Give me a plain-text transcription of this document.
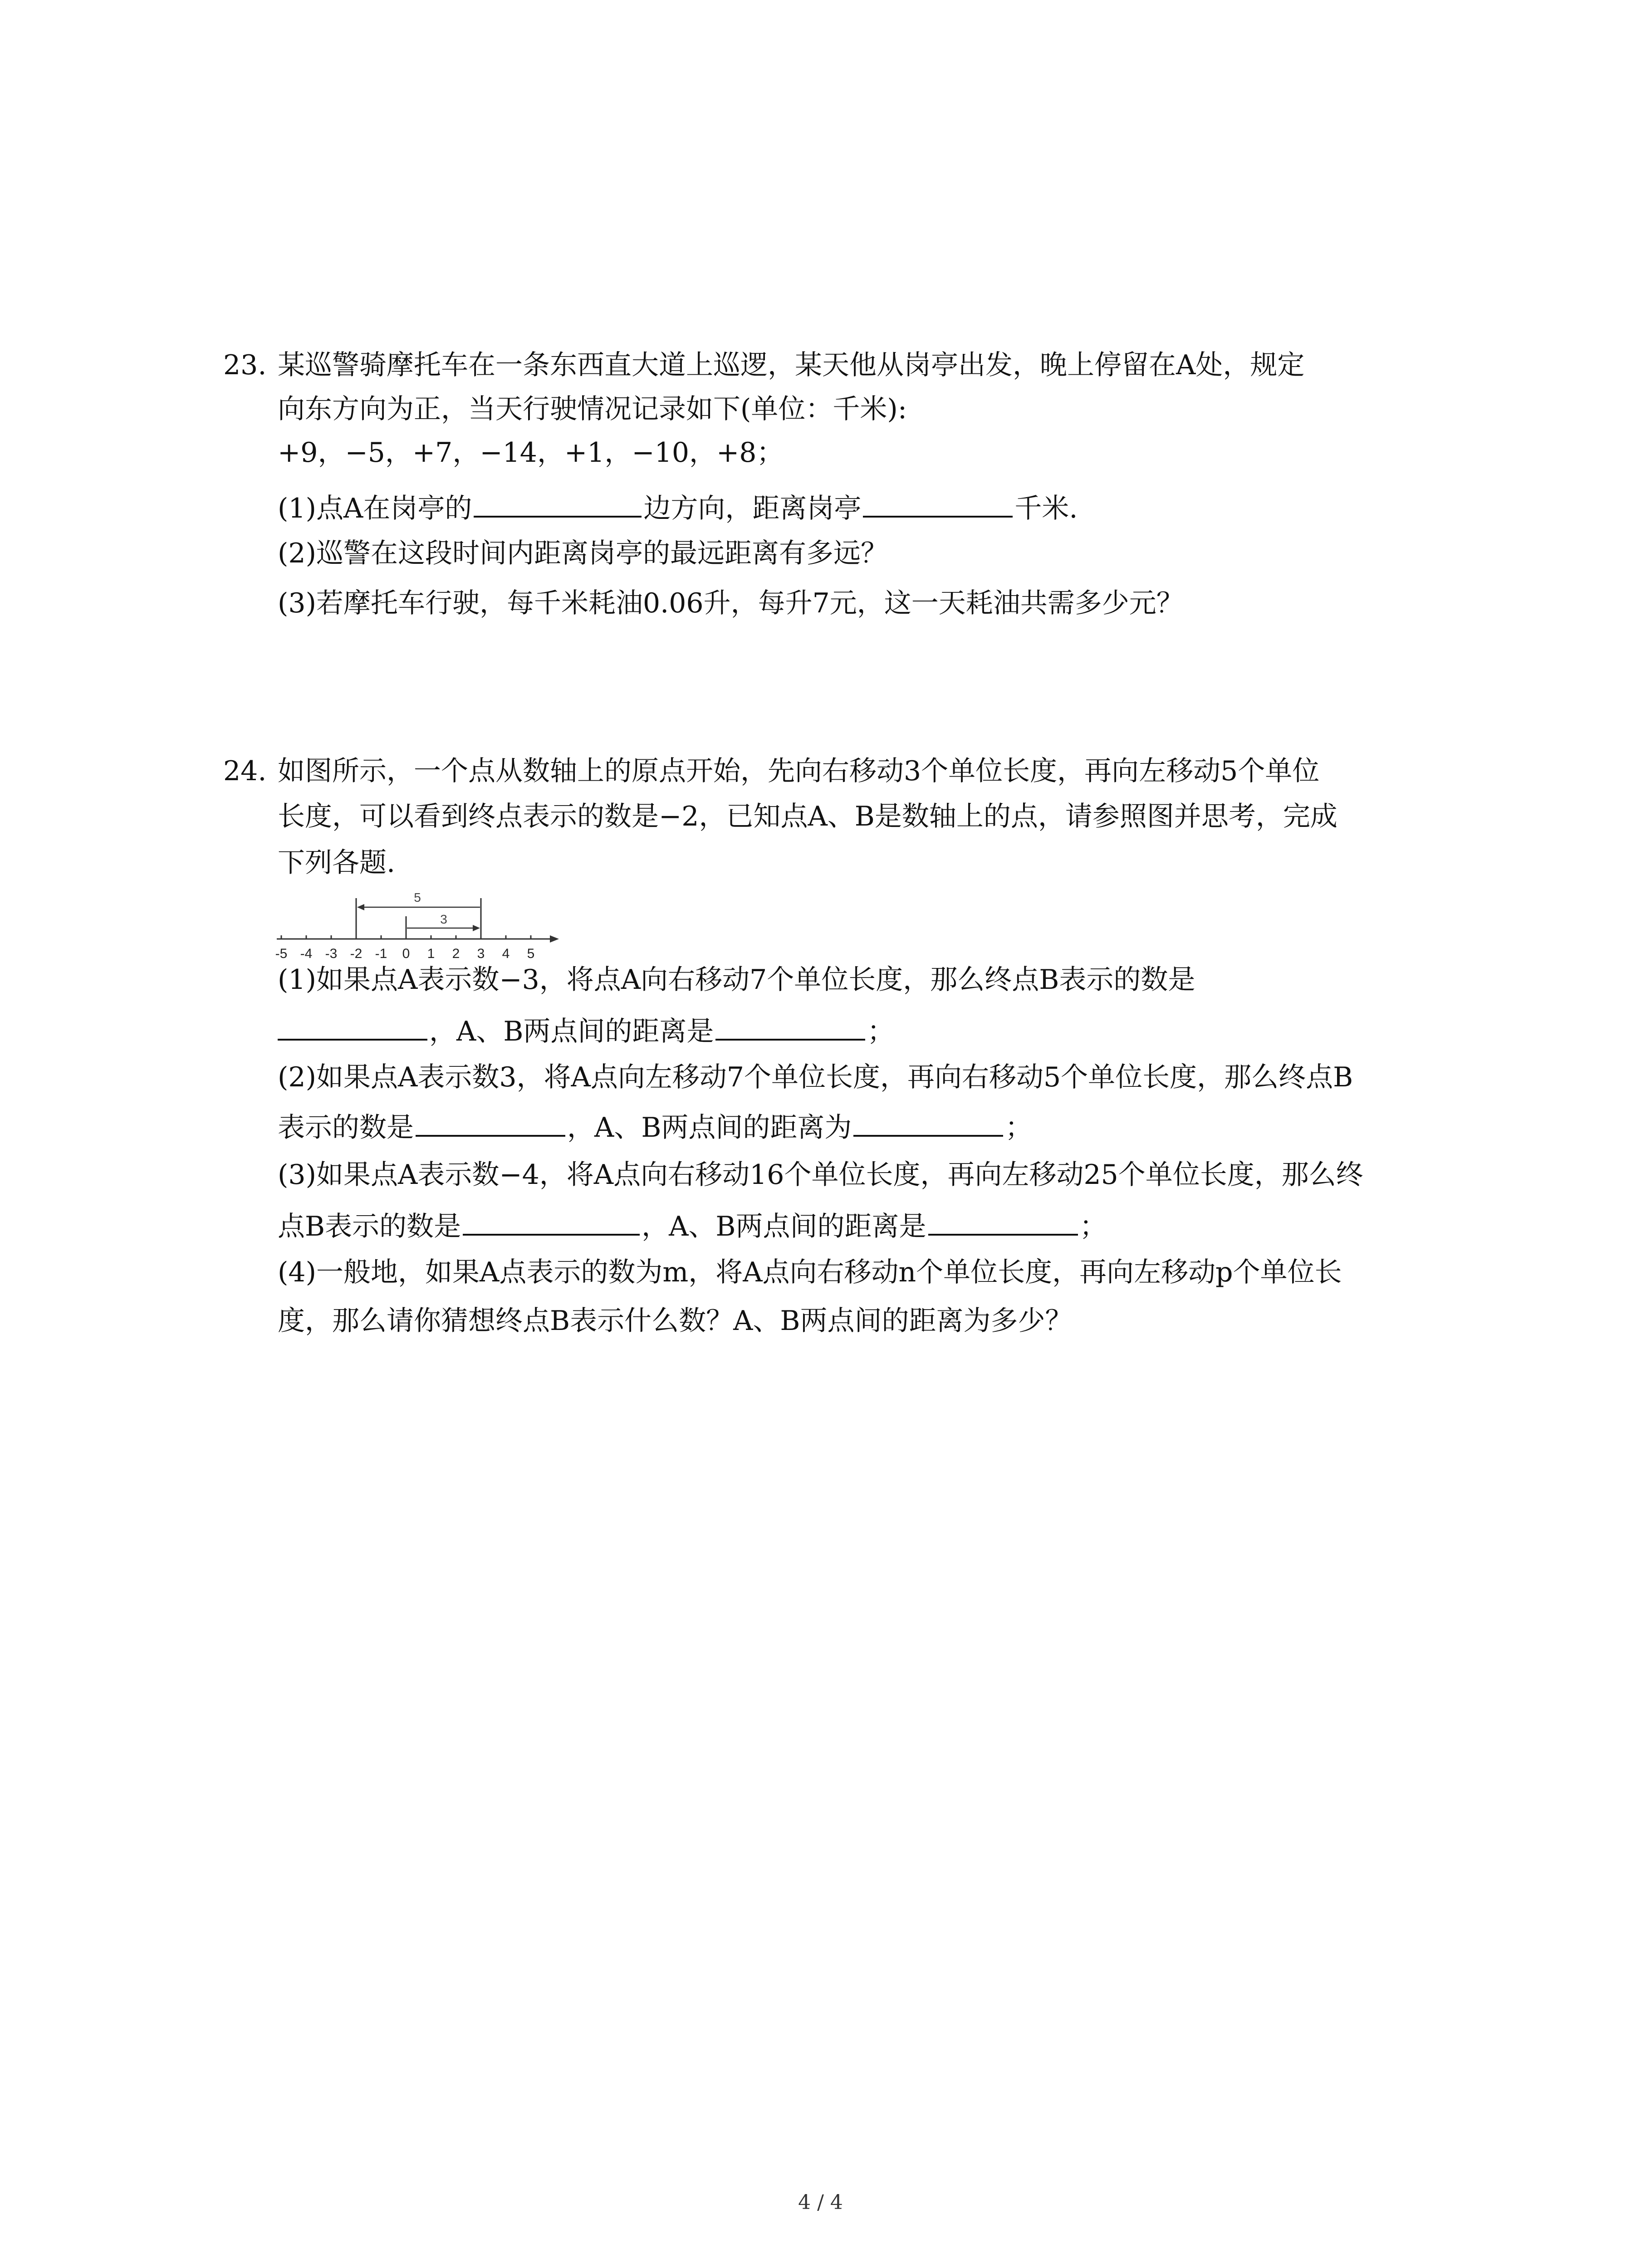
23. 某巡警骑摩托车在一条东西直大道上巡逻，某天他从岗亭出发，晚上停留在A处，规定
向东方向为正，当天行驶情况记录如下(单位：千米):
+9，−5，+7，−14，+1，−10，+8；
(1)点A在岗亭的	边方向，距离岗亭	千米.
(2)巡警在这段时间内距离岗亭的最远距离有多远？
(3)若摩托车行驶，每千米耗油0.06升，每升7元，这一天耗油共需多少元？
24. 如图所示，一个点从数轴上的原点开始，先向右移动3个单位长度，再向左移动5个单位
长度，可以看到终点表示的数是−2，已知点A、B是数轴上的点，请参照图并思考，完成
下列各题.
5
3
-5 -4 -3 -2 -1 0 1 2 3 4 5
(1)如果点A表示数−3，将点A向右移动7个单位长度，那么终点B表示的数是
，A、B两点间的距离是	；
(2)如果点A表示数3，将A点向左移动7个单位长度，再向右移动5个单位长度，那么终点B
表示的数是	，A、B两点间的距离为	；
(3)如果点A表示数−4，将A点向右移动16个单位长度，再向左移动25个单位长度，那么终
点B表示的数是	，A、B两点间的距离是	；
(4)一般地，如果A点表示的数为m，将A点向右移动n个单位长度，再向左移动p个单位长
度，那么请你猜想终点B表示什么数？A、B两点间的距离为多少？
4 / 4
